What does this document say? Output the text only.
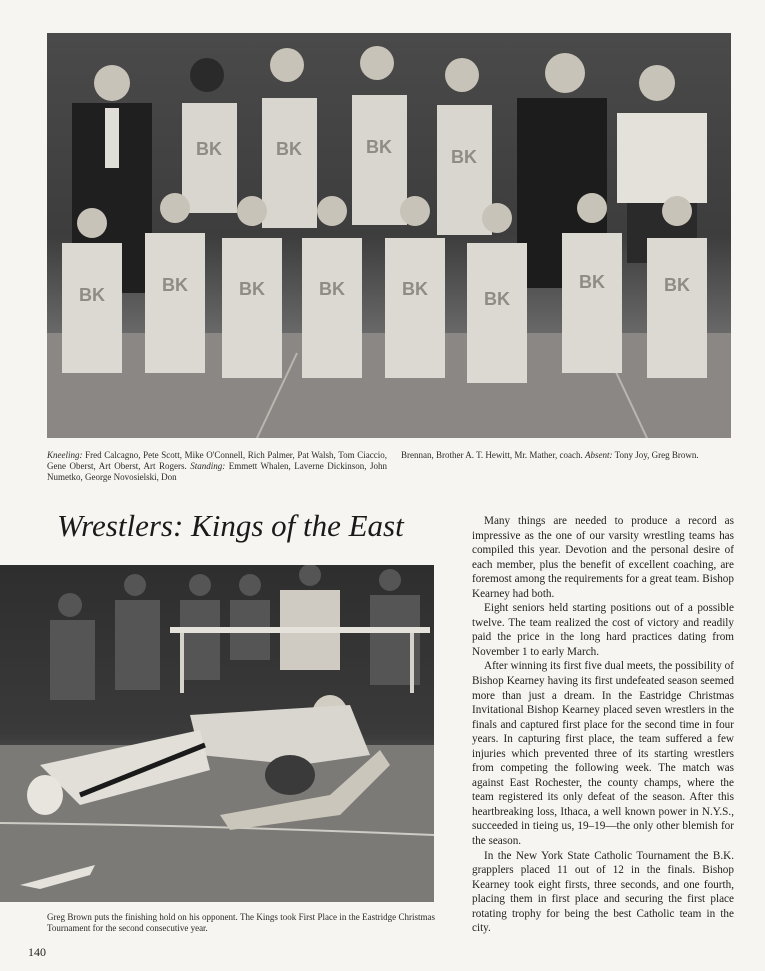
BK	BK	BK	BK
BK	BK	BK	BK	BK	BK
BK	BK
Kneeling: Fred Calcagno, Pete Scott, Mike O'Connell, Rich Palmer, Pat Walsh, Tom Ciaccio, Gene Oberst, Art Oberst, Art Rogers. Standing: Emmett Whalen, Laverne Dickinson, John Numetko, George Novosielski, Don
Brennan, Brother A. T. Hewitt, Mr. Mather, coach. Absent: Tony Joy, Greg Brown.
Wrestlers: Kings of the East	Many things are needed to produce a record as impressive as the one of our varsity wrestling teams has compiled this year. Devotion and the personal desire of each member, plus the benefit of excellent coaching, are foremost among the requirements for a great team. Bishop Kearney had both.

Eight seniors held starting positions out of a possible twelve. The team realized the cost of victory and readily paid the price in the long hard practices dating from November 1 to early March.

After winning its first five dual meets, the possibility of Bishop Kearney having its first undefeated season seemed more than just a dream. In the Eastridge Christmas Invitational Bishop Kearney placed seven wrestlers in the finals and captured first place for the second time in four years. In capturing first place, the team suffered a few injuries which prevented three of its starting wrestlers from competing the following week. The match was against East Rochester, the county champs, where the team registered its only defeat of the season. After this heartbreaking loss, Ithaca, a well known power in N.Y.S., succeeded in tieing us, 19–19—the only other blemish for the season.

In the New York State Catholic Tournament the B.K. grapplers placed 11 out of 12 in the finals. Bishop Kearney took eight firsts, three seconds, and one fourth, placing them in first place and securing the first place rotating trophy for being the best Catholic team in the city.

Greg Brown puts the finishing hold on his opponent. The Kings took First Place in the Eastridge Christmas Tournament for the second consecutive year.
140
